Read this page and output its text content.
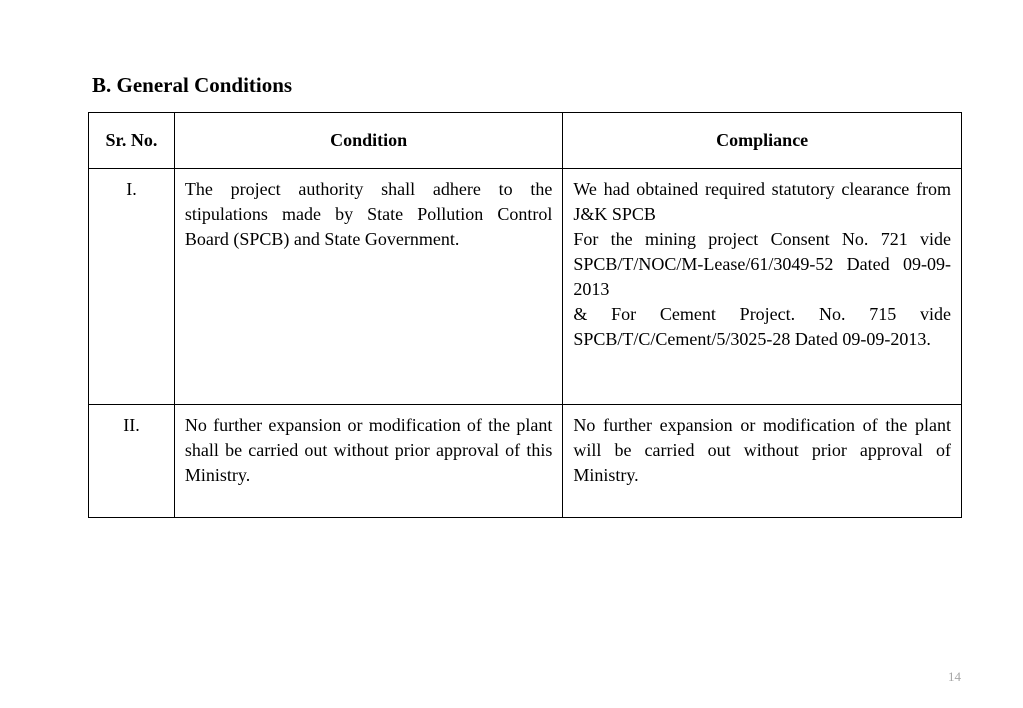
B. General Conditions
Sr. No.	Condition	Compliance
I.	The project authority shall adhere to the stipulations made by State Pollution Control Board (SPCB) and State Government.	We had obtained required statutory clearance from J&K SPCB
For the mining project Consent No. 721 vide SPCB/T/NOC/M-Lease/61/3049-52 Dated 09-09-2013
& For Cement Project. No. 715 vide SPCB/T/C/Cement/5/3025-28 Dated 09-09-2013.

II.	No further expansion or modification of the plant shall be carried out without prior approval of this Ministry.	No further expansion or modification of the plant will be carried out without prior approval of Ministry.
14
